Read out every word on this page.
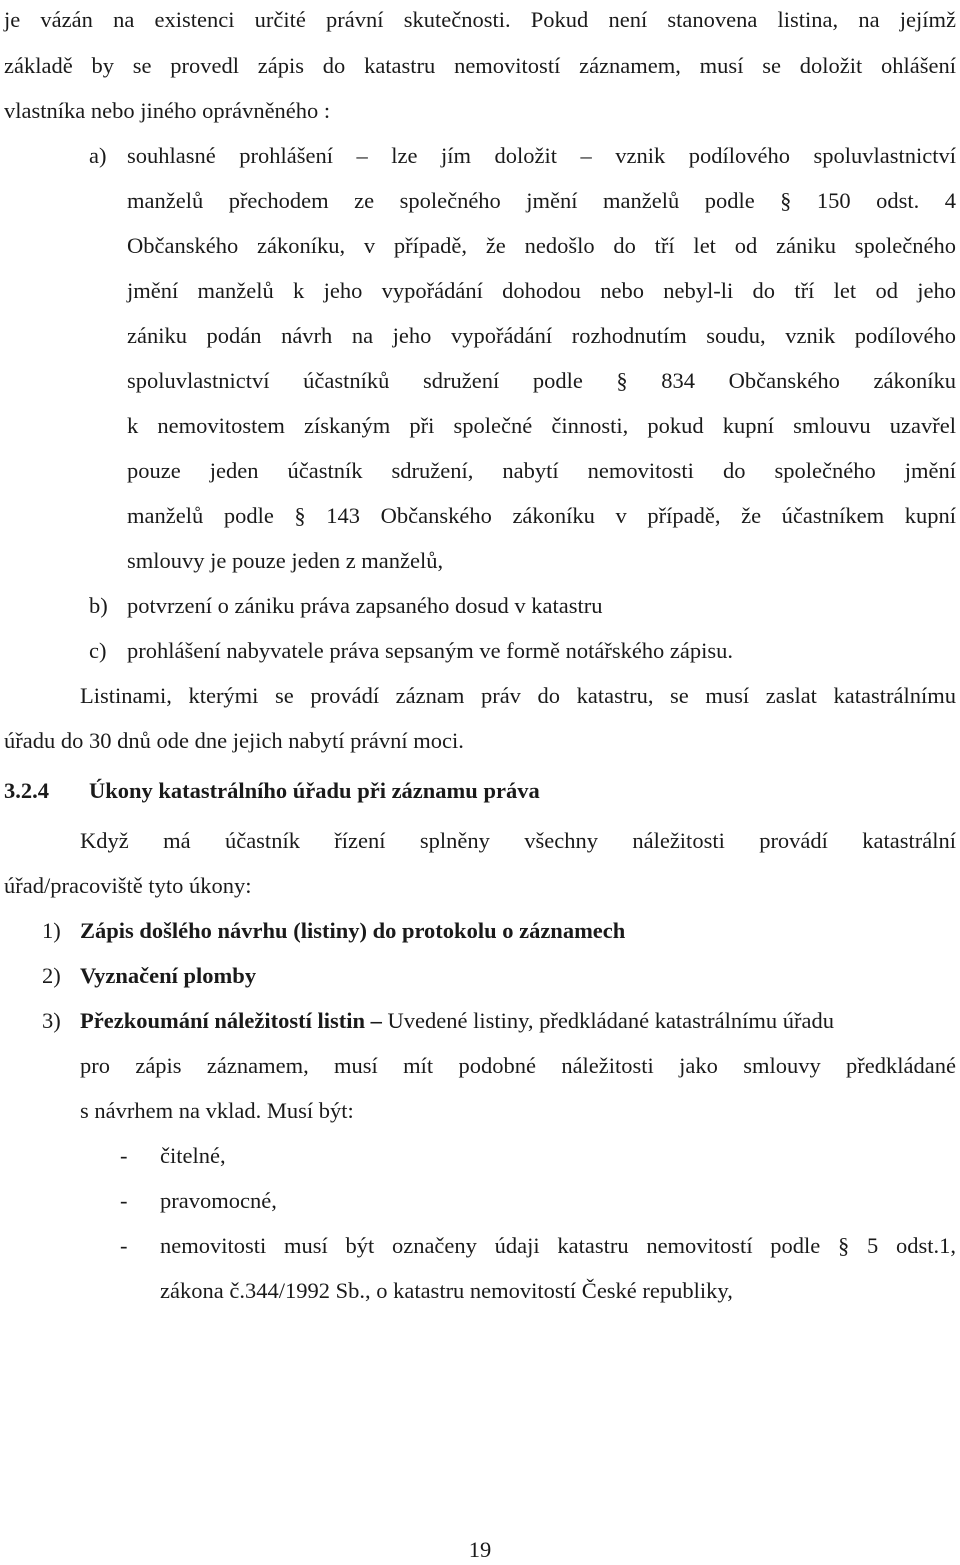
je vázán na existenci určité právní skutečnosti. Pokud není stanovena listina, na jejímž
základě by se provedl zápis do katastru nemovitostí záznamem, musí se doložit ohlášení
vlastníka nebo jiného oprávněného :
a) souhlasné prohlášení – lze jím doložit – vznik podílového spoluvlastnictví
manželů přechodem ze společného jmění manželů podle § 150 odst. 4
Občanského zákoníku, v případě, že nedošlo do tří let od zániku společného
jmění manželů k jeho vypořádání dohodou nebo nebyl-li do tří let od jeho
zániku podán návrh na jeho vypořádání rozhodnutím soudu, vznik podílového
spoluvlastnictví účastníků sdružení podle § 834 Občanského zákoníku
k nemovitostem získaným při společné činnosti, pokud kupní smlouvu uzavřel
pouze jeden účastník sdružení, nabytí nemovitosti do společného jmění
manželů podle § 143 Občanského zákoníku v případě, že účastníkem kupní
smlouvy je pouze jeden z manželů,
b) potvrzení o zániku práva zapsaného dosud v katastru
c) prohlášení nabyvatele práva sepsaným ve formě notářského zápisu.
Listinami, kterými se provádí záznam práv do katastru, se musí zaslat katastrálnímu
úřadu do 30 dnů ode dne jejich nabytí právní moci.
3.2.4 Úkony katastrálního úřadu při záznamu práva
Když má účastník řízení splněny všechny náležitosti provádí katastrální
úřad/pracoviště tyto úkony:
1) Zápis došlého návrhu (listiny) do protokolu o záznamech
2) Vyznačení plomby
3) Přezkoumání náležitostí listin – Uvedené listiny, předkládané katastrálnímu úřadu
pro zápis záznamem, musí mít podobné náležitosti jako smlouvy předkládané
s návrhem na vklad. Musí být:
- čitelné,
- pravomocné,
- nemovitosti musí být označeny údaji katastru nemovitostí podle § 5 odst.1,
zákona č.344/1992 Sb., o katastru nemovitostí České republiky,
19
